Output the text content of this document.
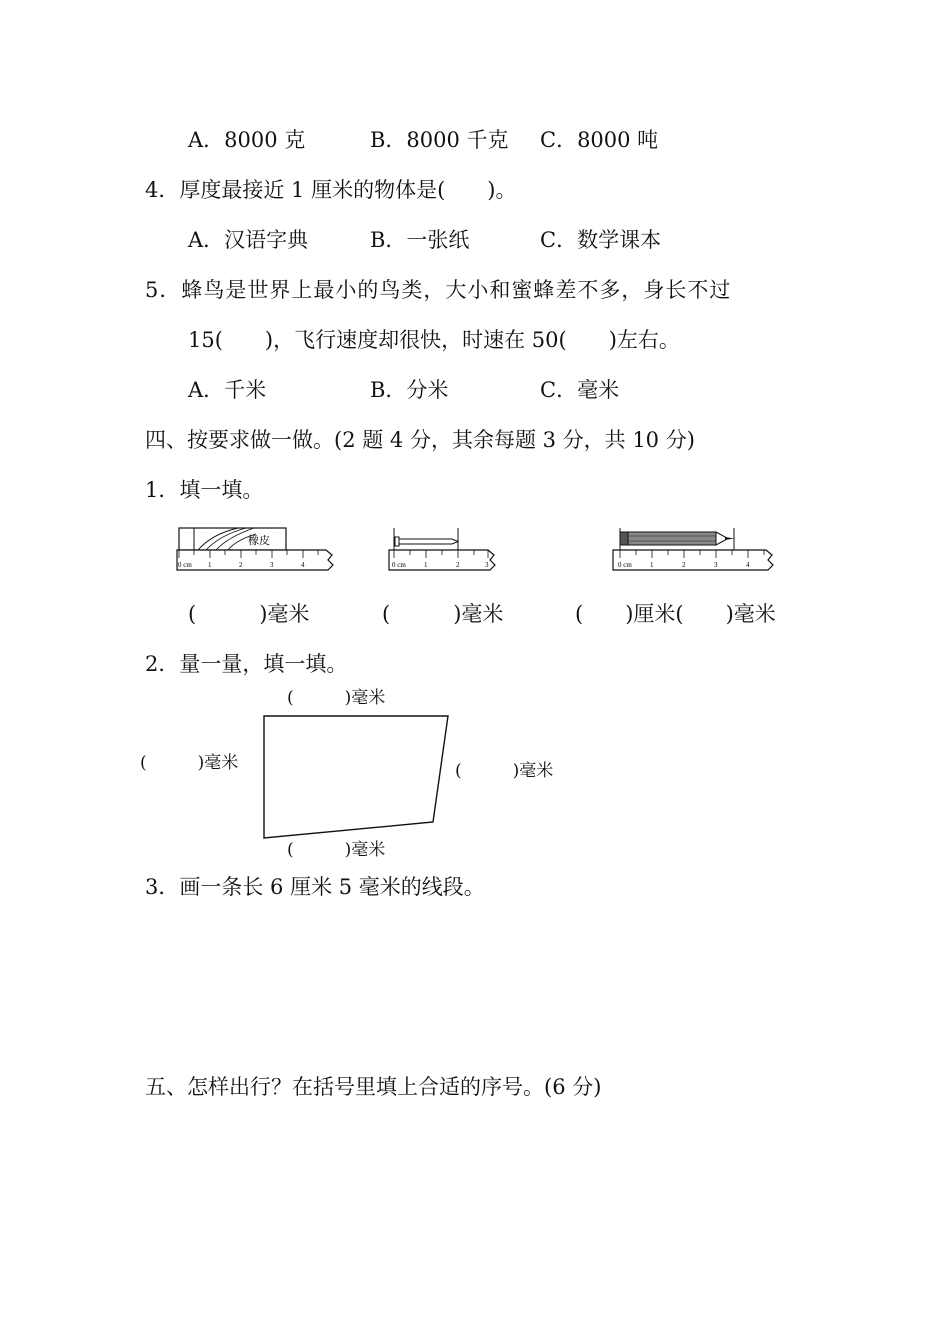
A．8000 克	B．8000 千克 C．8000 吨
4．厚度最接近 1 厘米的物体是(　　)。
A．汉语字典	B．一张纸	C．数学课本
5．蜂鸟是世界上最小的鸟类，大小和蜜蜂差不多，身长不过
15(　　)，飞行速度却很快，时速在 50(　　)左右。
A．千米	B．分米	C．毫米
四、按要求做一做。(2 题 4 分，其余每题 3 分，共 10 分)
1．填一填。
橡皮
0 cm 1	2	3	4	0 cm	1	2	3	0 cm	1	2	3	4
(　　　)毫米	(　　　)毫米	(　　)厘米(　　)毫米
2．量一量，填一填。
(　　　)毫米
(　　　)毫米	(　　　)毫米
(　　　)毫米
3．画一条长 6 厘米 5 毫米的线段。
五、怎样出行？在括号里填上合适的序号。(6 分)
